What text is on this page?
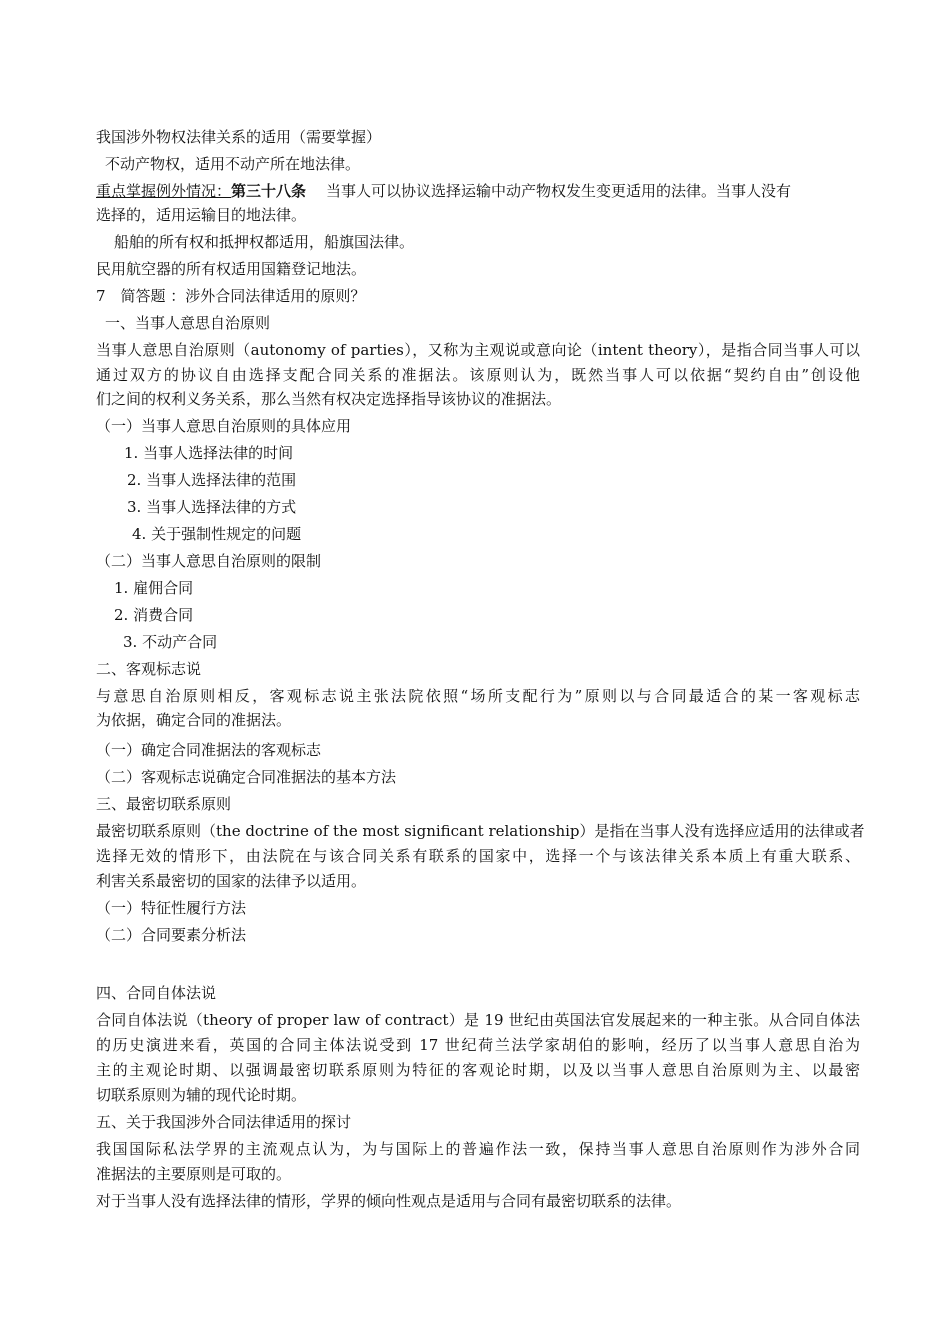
我国涉外物权法律关系的适用（需要掌握）
不动产物权，适用不动产所在地法律。
重点掌握例外情况：第三十八条 当事人可以协议选择运输中动产物权发生变更适用的法律。当事人没有
选择的，适用运输目的地法律。
船舶的所有权和抵押权都适用，船旗国法律。
民用航空器的所有权适用国籍登记地法。
7　简答题 ：涉外合同法律适用的原则？
一、当事人意思自治原则
当事人意思自治原则（autonomy of parties），又称为主观说或意向论（intent theory），是指合同当事人可以
通过双方的协议自由选择支配合同关系的准据法。该原则认为，既然当事人可以依据“契约自由”创设他
们之间的权利义务关系，那么当然有权决定选择指导该协议的准据法。
（一）当事人意思自治原则的具体应用
1. 当事人选择法律的时间
2. 当事人选择法律的范围
3. 当事人选择法律的方式
4. 关于强制性规定的问题
（二）当事人意思自治原则的限制
1. 雇佣合同
2. 消费合同
3. 不动产合同
二、客观标志说
与意思自治原则相反，客观标志说主张法院依照“场所支配行为”原则以与合同最适合的某一客观标志
为依据，确定合同的准据法。
（一）确定合同准据法的客观标志
（二）客观标志说确定合同准据法的基本方法
三、最密切联系原则
最密切联系原则（the doctrine of the most significant relationship）是指在当事人没有选择应适用的法律或者
选择无效的情形下，由法院在与该合同关系有联系的国家中，选择一个与该法律关系本质上有重大联系、
利害关系最密切的国家的法律予以适用。
（一）特征性履行方法
（二）合同要素分析法
四、合同自体法说
合同自体法说（theory of proper law of contract）是 19 世纪由英国法官发展起来的一种主张。从合同自体法
的历史演进来看，英国的合同主体法说受到 17 世纪荷兰法学家胡伯的影响，经历了以当事人意思自治为
主的主观论时期、以强调最密切联系原则为特征的客观论时期，以及以当事人意思自治原则为主、以最密
切联系原则为辅的现代论时期。
五、关于我国涉外合同法律适用的探讨
我国国际私法学界的主流观点认为，为与国际上的普遍作法一致，保持当事人意思自治原则作为涉外合同
准据法的主要原则是可取的。
对于当事人没有选择法律的情形，学界的倾向性观点是适用与合同有最密切联系的法律。
